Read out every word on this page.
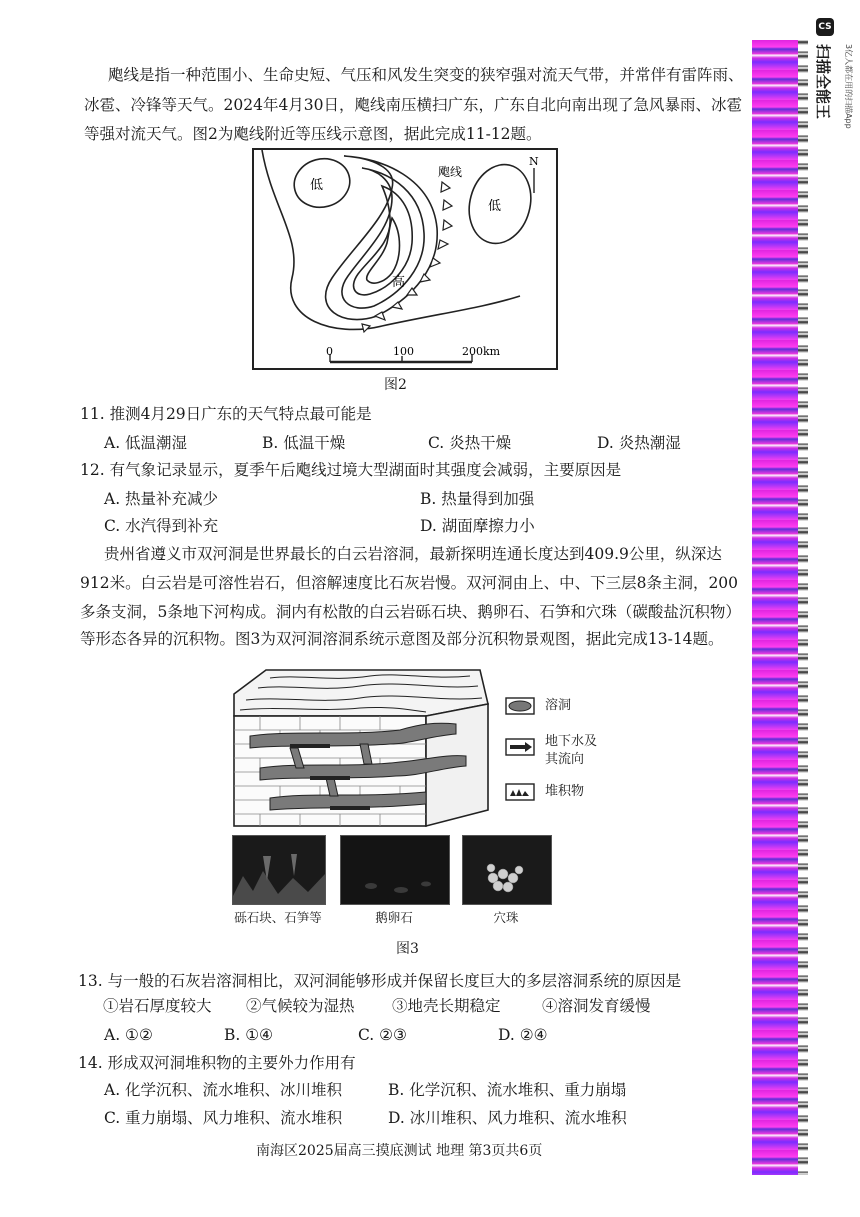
飑线是指一种范围小、生命史短、气压和风发生突变的狭窄强对流天气带，并常伴有雷阵雨、
冰雹、冷锋等天气。2024年4月30日，飑线南压横扫广东，广东自北向南出现了急风暴雨、冰雹
等强对流天气。图2为飑线附近等压线示意图，据此完成11-12题。
低
低
高
飑线
N
0	100	200km
图2
11. 推测4月29日广东的天气特点最可能是
A. 低温潮湿	B. 低温干燥	C. 炎热干燥	D. 炎热潮湿
12. 有气象记录显示，夏季午后飑线过境大型湖面时其强度会减弱，主要原因是
A. 热量补充减少	B. 热量得到加强
C. 水汽得到补充	D. 湖面摩擦力小
贵州省遵义市双河洞是世界最长的白云岩溶洞，最新探明连通长度达到409.9公里，纵深达
912米。白云岩是可溶性岩石，但溶解速度比石灰岩慢。双河洞由上、中、下三层8条主洞，200
多条支洞，5条地下河构成。洞内有松散的白云岩砾石块、鹅卵石、石笋和穴珠（碳酸盐沉积物）
等形态各异的沉积物。图3为双河洞溶洞系统示意图及部分沉积物景观图，据此完成13-14题。
溶洞
地下水及
其流向
堆积物
砾石块、石笋等	鹅卵石	穴珠
图3
13. 与一般的石灰岩溶洞相比，双河洞能够形成并保留长度巨大的多层溶洞系统的原因是
①岩石厚度较大 ②气候较为湿热 ③地壳长期稳定	④溶洞发育缓慢
A. ①②	B. ①④	C. ②③	D. ②④
14. 形成双河洞堆积物的主要外力作用有
A. 化学沉积、流水堆积、冰川堆积	B. 化学沉积、流水堆积、重力崩塌
C. 重力崩塌、风力堆积、流水堆积	D. 冰川堆积、风力堆积、流水堆积
南海区2025届高三摸底测试 地理 第3页共6页
CS
扫描全能王 3亿人都在用的扫描App
